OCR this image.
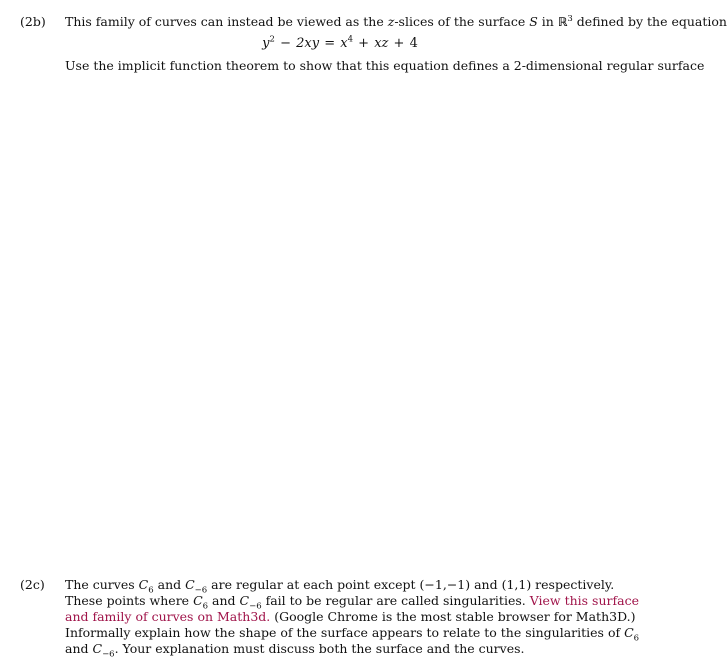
(2b)	This family of curves can instead be viewed as the z-slices of the surface S in ℝ$^3$ defined by the equation
$y^2 - 2xy = x^4$ + xz + 4
Use the implicit function theorem to show that this equation defines a 2-dimensional regular surface
(2c)	The curves $C_6$ and $C_{-6}$ are regular at each point except (−1,−1) and (1,1) respectively. These points where $C_6$ and $C_{-6}$ fail to be regular are called singularities. View this surface and family of curves on Math3d. (Google Chrome is the most stable browser for Math3D.) Informally explain how the shape of the surface appears to relate to the singularities of $C_6$ and $C_{-6}$. Your explanation must discuss both the surface and the curves.
